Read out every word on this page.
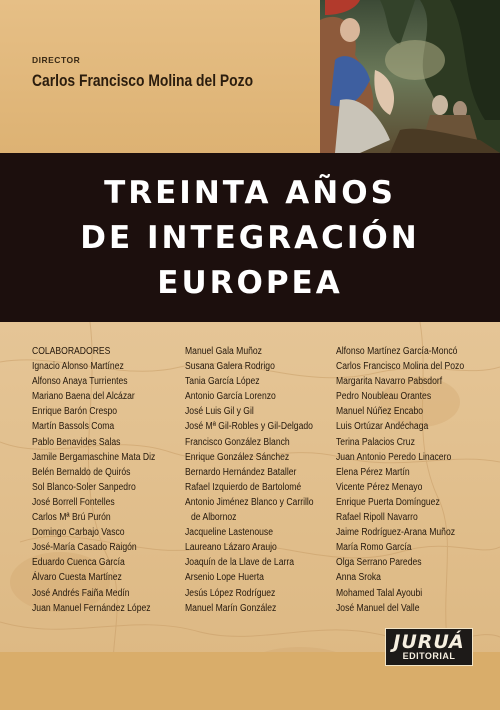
DIRECTOR
Carlos Francisco Molina del Pozo
TREINTA AÑOS
DE INTEGRACIÓN
EUROPEA
COLABORADORES
Ignacio Alonso Martínez
Alfonso Anaya Turrientes
Mariano Baena del Alcázar
Enrique Barón Crespo
Martín Bassols Coma
Pablo Benavides Salas
Jamile Bergamaschine Mata Diz
Belén Bernaldo de Quirós
Sol Blanco-Soler Sanpedro
José Borrell Fontelles
Carlos Mª Brú Purón
Domingo Carbajo Vasco
José-María Casado Raigón
Eduardo Cuenca García
Álvaro Cuesta Martínez
José Andrés Faiña Medín
Juan Manuel Fernández López
Manuel Gala Muñoz
Susana Galera Rodrigo
Tania García López
Antonio García Lorenzo
José Luis Gil y Gil
José Mª Gil-Robles y Gil-Delgado
Francisco González Blanch
Enrique González Sánchez
Bernardo Hernández Bataller
Rafael Izquierdo de Bartolomé
Antonio Jiménez Blanco y Carrillo
de Albornoz
Jacqueline Lastenouse
Laureano Lázaro Araujo
Joaquín de la Llave de Larra
Arsenio Lope Huerta
Jesús López Rodríguez
Manuel Marín González
Alfonso Martínez García-Moncó
Carlos Francisco Molina del Pozo
Margarita Navarro Pabsdorf
Pedro Noubleau Orantes
Manuel Núñez Encabo
Luis Ortúzar Andéchaga
Terina Palacios Cruz
Juan Antonio Peredo Linacero
Elena Pérez Martín
Vicente Pérez Menayo
Enrique Puerta Domínguez
Rafael Ripoll Navarro
Jaime Rodríguez-Arana Muñoz
María Romo García
Olga Serrano Paredes
Anna Sroka
Mohamed Talal Ayoubi
José Manuel del Valle
JURUÁ
EDITORIAL
